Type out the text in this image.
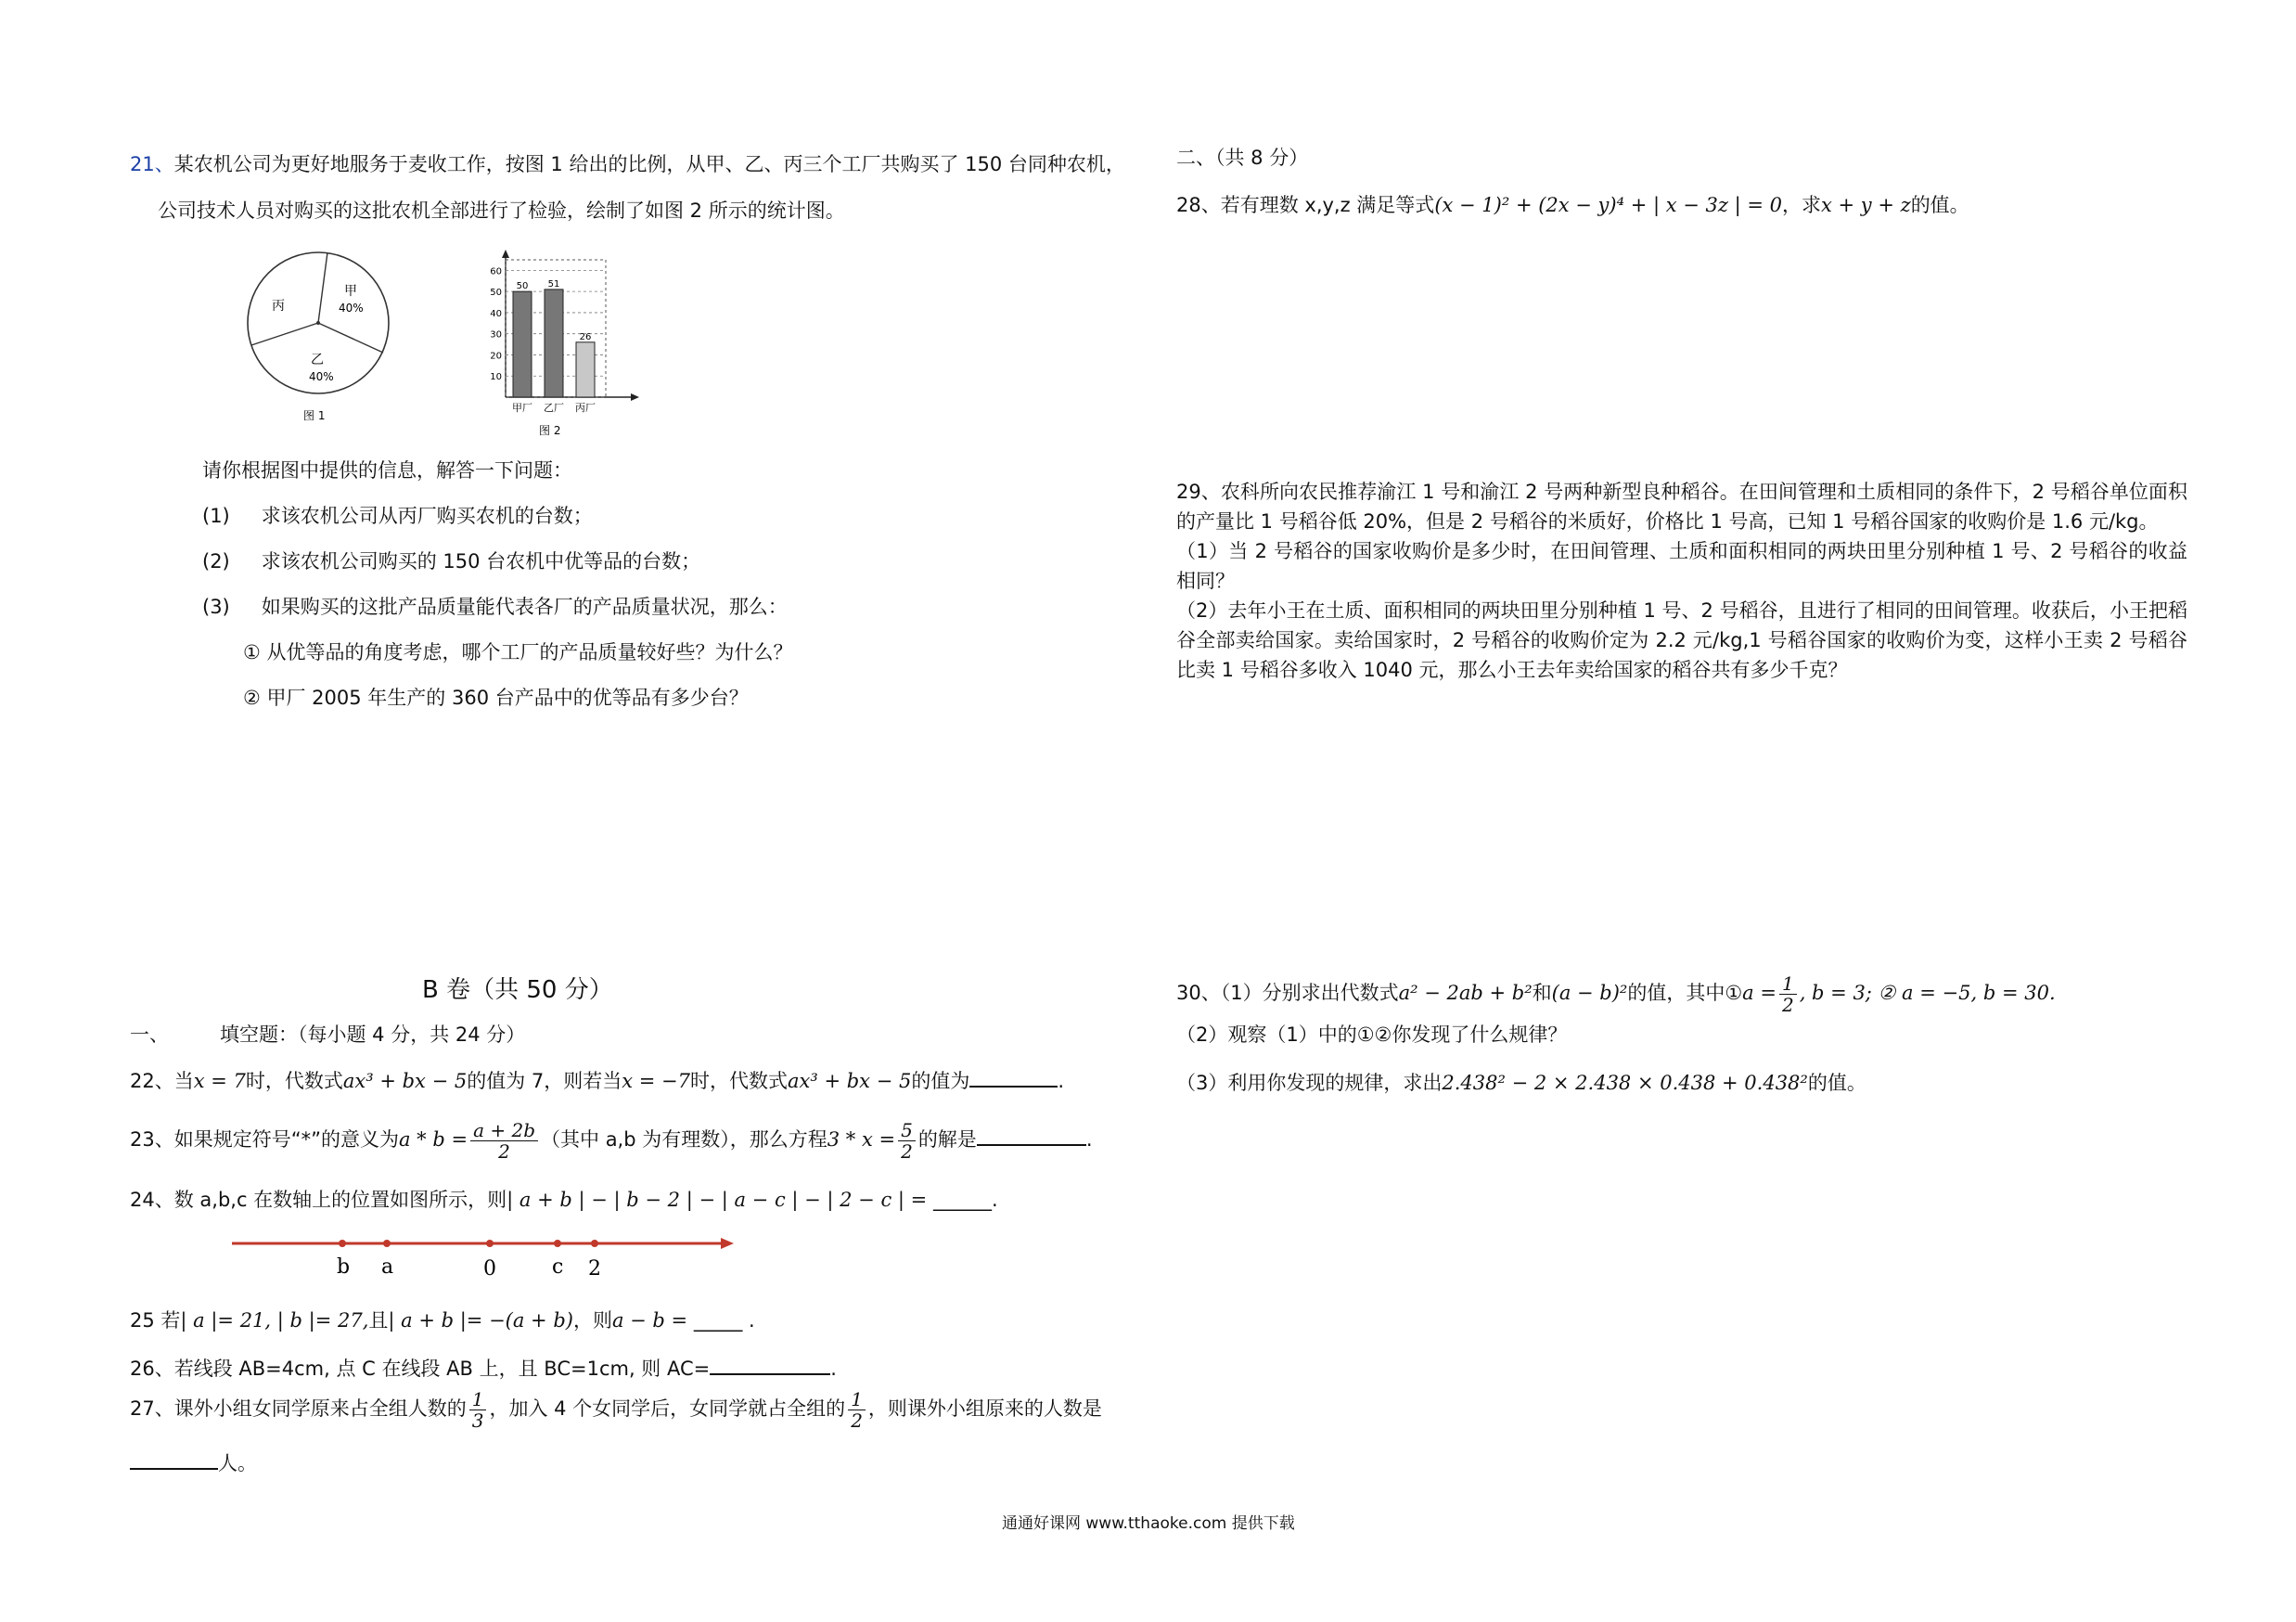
21、某农机公司为更好地服务于麦收工作，按图 1 给出的比例，从甲、乙、丙三个工厂共购买了 150 台同种农机，
公司技术人员对购买的这批农机全部进行了检验，绘制了如图 2 所示的统计图。
甲
40%
乙
40%
丙
图 1
10
20
30
40
50
60
50
甲厂
51
乙厂
26
丙厂
图 2
请你根据图中提供的信息，解答一下问题：
(1) 求该农机公司从丙厂购买农机的台数；
(2) 求该农机公司购买的 150 台农机中优等品的台数；
(3) 如果购买的这批产品质量能代表各厂的产品质量状况，那么：
① 从优等品的角度考虑，哪个工厂的产品质量较好些？为什么？
② 甲厂 2005 年生产的 360 台产品中的优等品有多少台？
B 卷（共 50 分）
一、	填空题：（每小题 4 分，共 24 分）
22、当x = 7时，代数式ax³ + bx − 5的值为 7，则若当x = −7时，代数式ax³ + bx − 5的值为	.
23、如果规定符号“*”的意义为$a * b = \frac{a + 2b}{2}$ （其中 a,b 为有理数），那么方程$3 * x = \frac{5}{2}$ 的解是	.
24、数 a,b,c 在数轴上的位置如图所示，则| a + b | − | b − 2 | − | a − c | − | 2 − c | = ______.
b a	0	c 2
25 若| a |= 21, | b |= 27,且| a + b |= −(a + b)，则a − b = _____ .
26、若线段 AB=4cm, 点 C 在线段 AB 上，且 BC=1cm, 则 AC=	.
27、课外小组女同学原来占全组人数的 $\frac{1}{3}$ ，加入 4 个女同学后，女同学就占全组的 $\frac{1}{2}$ ，则课外小组原来的人数是
人。
二、（共 8 分）
28、若有理数 x,y,z 满足等式(x − 1)² + (2x − y)⁴ + | x − 3z | = 0，求x + y + z的值。
29、农科所向农民推荐渝江 1 号和渝江 2 号两种新型良种稻谷。在田间管理和土质相同的条件下，2 号稻谷单位面积的产量比 1 号稻谷低 20%，但是 2 号稻谷的米质好，价格比 1 号高，已知 1 号稻谷国家的收购价是 1.6 元/kg。
（1）当 2 号稻谷的国家收购价是多少时，在田间管理、土质和面积相同的两块田里分别种植 1 号、2 号稻谷的收益相同？
（2）去年小王在土质、面积相同的两块田里分别种植 1 号、2 号稻谷，且进行了相同的田间管理。收获后，小王把稻谷全部卖给国家。卖给国家时，2 号稻谷的收购价定为 2.2 元/kg,1 号稻谷国家的收购价为变，这样小王卖 2 号稻谷比卖 1 号稻谷多收入 1040 元，那么小王去年卖给国家的稻谷共有多少千克？
30、（1）分别求出代数式a² − 2ab + b²和(a − b)²的值，其中①a = $\frac{1}{2}$ , b = 3; ② a = −5, b = 30.
（2）观察（1）中的①②你发现了什么规律？
（3）利用你发现的规律，求出2.438² − 2 × 2.438 × 0.438 + 0.438²的值。
通通好课网 www.tthaoke.com 提供下载
